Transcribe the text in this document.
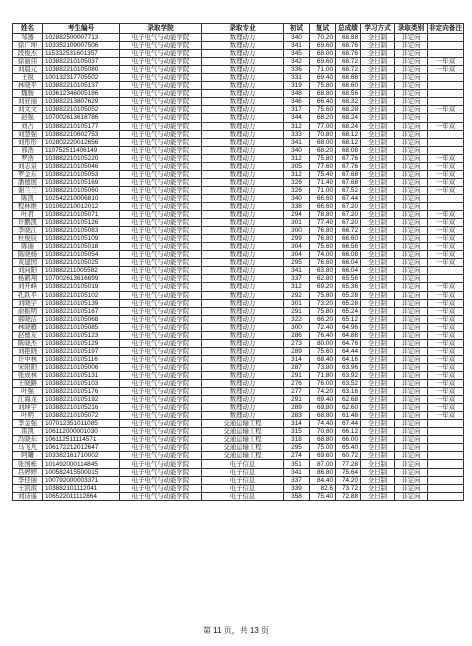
姓名	考生编号	录取学院	录取专业	初试	复试	总成绩	学习方式	录取类别	非定向备注
邹器	102882500007713	电子电气与动能学院	数理动力	340	70.20	68.88	全日制	非定向	
徐广坤	103352109007506	电子电气与动能学院	数理动力	341	69.60	68.76	全日制	非定向	
段俊杰	115332531601357	电子电气与动能学院	数理动力	345	68.00	68.76	全日制	非定向	
徐丽伟	103882210105037	电子电气与动能学院	数理动力	342	69.60	68.72	全日制	非定向	一年双
刘晨元	103882210105080	电子电气与动能学院	数理动力	336	71.00	68.72	全日制	非定向	一年双
王锐	100132317705502	电子电气与动能学院	数理动力	331	69.40	68.68	全日制	非定向	
林晓平	103882210105137	电子电气与动能学院	数理动力	319	75.80	68.60	全日制	非定向	
魏骏	103612346005186	电子电气与动能学院	数理动力	348	68.80	68.56	全日制	非定向	
刘亚丽	103882213807629	电子电气与动能学院	数理动力	346	66.40	68.32	全日制	非定向	
刘文文	103882210105052	电子电气与动能学院	数理动力	317	75.60	68.28	全日制	非定向	一年双
赵强	107002613618786	电子电气与动能学院	数理动力	344	68.20	68.24	全日制	非定向	
刘占	103882210105177	电子电气与动能学院	数理动力	312	77.00	68.24	全日制	非定向	一年双
刘慧强	103882210602753	电子电气与动能学院	数理动力	333	70.80	68.12	全日制	非定向	
刘彤彤	102802220012656	电子电气与动能学院	数理动力	341	68.00	68.12	全日制	非定向	
邢浩	110752511406149	电子电气与动能学院	数理动力	340	68.20	68.08	全日制	非定向	
罗浩	103882210105220	电子电气与动能学院	数理动力	312	75.80	67.76	全日制	非定向	一年双
刘志泉	103882210105046	电子电气与动能学院	数理动力	305	77.60	67.76	全日制	非定向	一年双
罗金东	103882210105053	电子电气与动能学院	数理动力	312	75.40	67.68	全日制	非定向	一年双
潘德展	103882210105169	电子电气与动能学院	数理动力	326	71.40	67.68	全日制	非定向	一年双
谢兰兰	103882210105060	电子电气与动能学院	数理动力	326	71.00	67.52	全日制	非定向	一年双
陈凯	102542210006810	电子电气与动能学院	数理动力	340	66.60	67.44	全日制	非定向	
程林维	101062210012012	电子电气与动能学院	数理动力	338	66.60	67.20	全日制	非定向	
叶君	103882210105071	电子电气与动能学院	数理动力	294	78.80	67.20	全日制	非定向	一年双
许鹏凯	103882210105126	电子电气与动能学院	数理动力	301	77.40	67.20	全日制	非定向	一年双
李晓江	103882210105083	电子电气与动能学院	数理动力	300	76.80	66.72	全日制	非定向	一年双
杜俊辰	103882210105109	电子电气与动能学院	数理动力	299	76.80	66.60	全日制	非定向	一年双
陈丽	103882210105018	电子电气与动能学院	数理动力	304	75.60	66.56	全日制	非定向	一年双
陈晓杨	103882210105054	电子电气与动能学院	数理动力	304	74.00	66.08	全日制	非定向	一年双
黄建国	103882210105025	电子电气与动能学院	数理动力	295	76.60	66.04	全日制	非定向	一年双
刘向阳	103882211005582	电子电气与动能学院	数理动力	341	63.80	66.04	全日制	非定向	
杨鹤翔	107002613616699	电子电气与动能学院	数理动力	337	62.80	65.56	全日制	非定向	
刘开峰	103882210105019	电子电气与动能学院	数理动力	312	69.20	65.36	全日制	非定向	一年双
孔跃平	103882210105102	电子电气与动能学院	数理动力	292	75.80	65.28	全日制	非定向	一年双
刘晓宇	103882210105139	电子电气与动能学院	数理动力	301	73.20	65.28	全日制	非定向	一年双
俞振明	103882210105167	电子电气与动能学院	数理动力	291	75.80	65.24	全日制	非定向	一年双
郝晓洁	103882210105068	电子电气与动能学院	数理动力	322	66.20	65.12	全日制	非定向	一年双
林晓雁	103882210105085	电子电气与动能学院	数理动力	300	72.40	64.96	全日制	非定向	一年双
赵德友	103882210105123	电子电气与动能学院	数理动力	286	76.40	64.88	全日制	非定向	一年双
陈晓杰	103882210105129	电子电气与动能学院	数理动力	273	80.00	64.76	全日制	非定向	一年双
刘艳晓	103882210105197	电子电气与动能学院	数理动力	289	75.60	64.44	全日制	非定向	一年双
许中林	103882210105116	电子电气与动能学院	数理动力	314	68.40	64.16	全日制	非定向	一年双
宋阳阳	103882210105006	电子电气与动能学院	数理动力	287	73.80	63.96	全日制	非定向	一年双
张成林	103882210105131	电子电气与动能学院	数理动力	291	71.80	63.92	全日制	非定向	一年双
王晓路	103882210105103	电子电气与动能学院	数理动力	276	76.00	63.52	全日制	非定向	一年双
叶强	103882210105176	电子电气与动能学院	数理动力	277	74.20	63.16	全日制	非定向	一年双
江海龙	103882210105192	电子电气与动能学院	数理动力	291	69.40	62.68	全日制	非定向	一年双
刘坤宇	103882210105216	电子电气与动能学院	数理动力	289	69.80	62.60	全日制	非定向	一年双
叶明	103882210105072	电子电气与动能学院	数理动力	283	68.80	61.48	全日制	非定向	一年双
李金强	107012351011085	电子电气与动能学院	交通运输工程	314	74.40	67.44	全日制	非定向	
雷凯	106112000001030	电子电气与动能学院	交通运输工程	315	70.80	66.12	全日制	非定向	
冯晓东	106112511114571	电子电气与动能学院	交通运输工程	318	68.80	66.00	全日制	非定向	
马飞凡	106172212012647	电子电气与动能学院	交通运输工程	295	75.00	65.40	全日制	非定向	
阿曦	103382161710002	电子电气与动能学院	交通运输工程	274	69.60	60.72	全日制	非定向	
张国栋	101492000114845	电子电气与动能学院	电子信息	351	87.00	77.28	全日制	非定向	
吕婷婷	100582415500015	电子电气与动能学院	电子信息	341	86.80	75.64	全日制	非定向	
李佳丽	100792000003371	电子电气与动能学院	电子信息	337	84.40	74.20	全日制	非定向	
王凯珉	103882101112041	电子电气与动能学院	电子信息	339	82.6	73.72	全日制	非定向	
刘诗遥	106522011112864	电子电气与动能学院	电子信息	358	75.40	72.88	全日制	非定向	
第 11 页，共 13 页
